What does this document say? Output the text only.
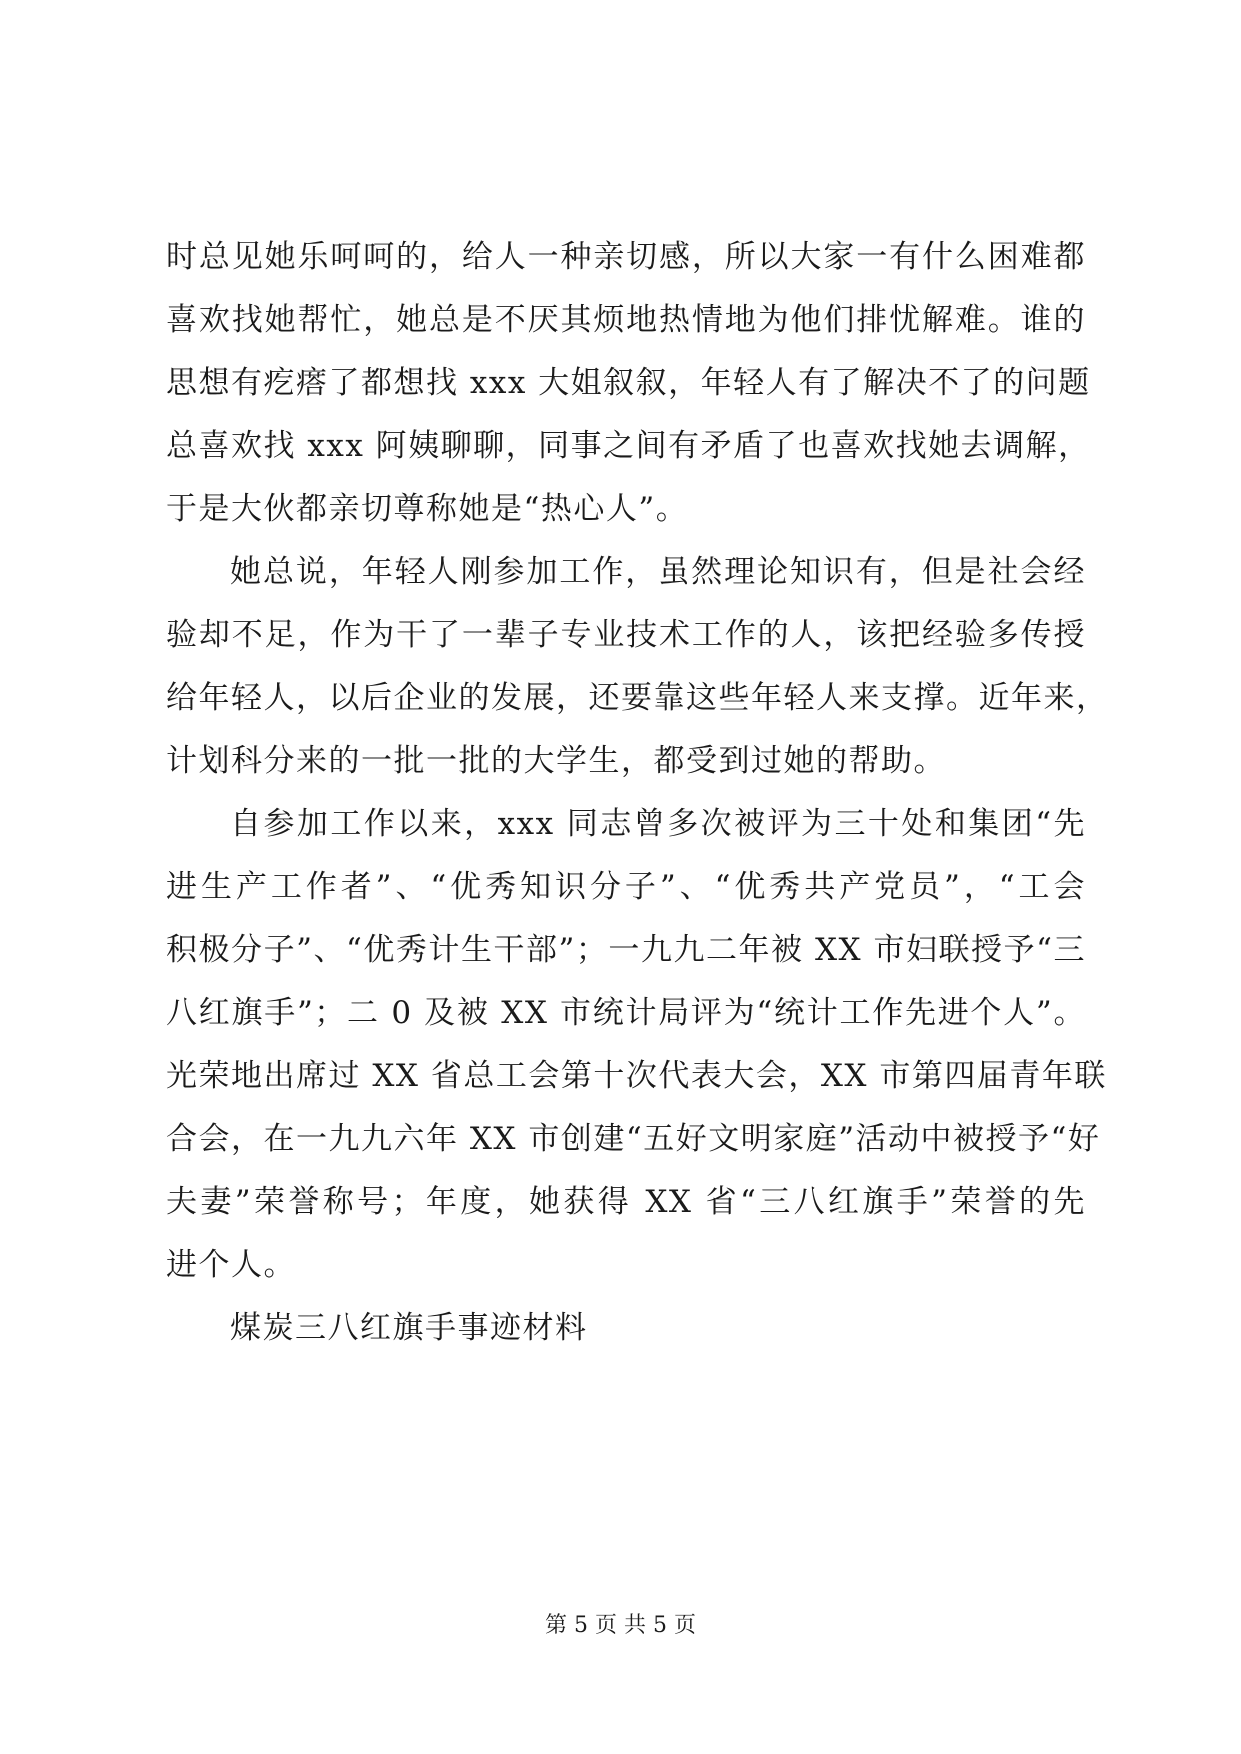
时总见她乐呵呵的，给人一种亲切感，所以大家一有什么困难都
喜欢找她帮忙，她总是不厌其烦地热情地为他们排忧解难。谁的
思想有疙瘩了都想找 xxx 大姐叙叙，年轻人有了解决不了的问题
总喜欢找 xxx 阿姨聊聊，同事之间有矛盾了也喜欢找她去调解，
于是大伙都亲切尊称她是“热心人”。
她总说，年轻人刚参加工作，虽然理论知识有，但是社会经
验却不足，作为干了一辈子专业技术工作的人，该把经验多传授
给年轻人，以后企业的发展，还要靠这些年轻人来支撑。近年来，
计划科分来的一批一批的大学生，都受到过她的帮助。
自参加工作以来，xxx 同志曾多次被评为三十处和集团“先
进生产工作者”、“优秀知识分子”、“优秀共产党员”，“工会
积极分子”、“优秀计生干部”；一九九二年被 XX 市妇联授予“三
八红旗手”；二 0 及被 XX 市统计局评为“统计工作先进个人”。
光荣地出席过 XX 省总工会第十次代表大会，XX 市第四届青年联
合会，在一九九六年 XX 市创建“五好文明家庭”活动中被授予“好
夫妻”荣誉称号；年度，她获得 XX 省“三八红旗手”荣誉的先
进个人。
煤炭三八红旗手事迹材料
第 5 页 共 5 页
